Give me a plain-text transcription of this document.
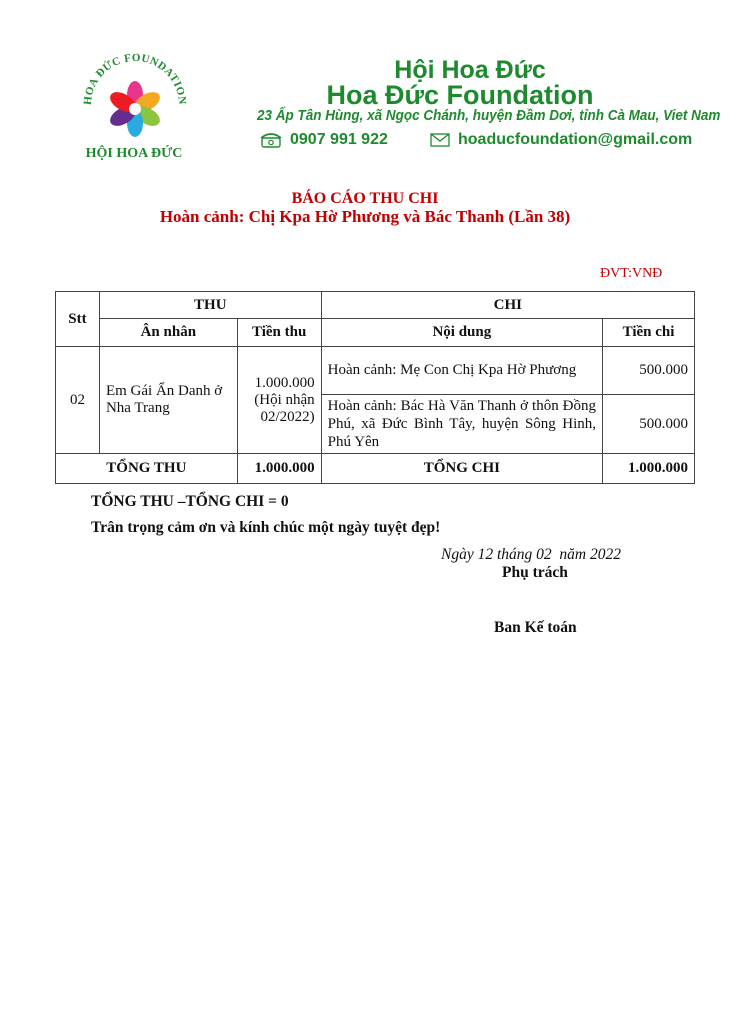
HOA ĐỨC FOUNDATION
HỘI HOA ĐỨC
Hội Hoa Đức
Hoa Đức Foundation
23 Ấp Tân Hùng, xã Ngọc Chánh, huyện Đầm Dơi, tỉnh Cà Mau, Viet Nam
0907 991 922	hoaducfoundation@gmail.com
BÁO CÁO THU CHI
Hoàn cảnh: Chị Kpa Hờ Phương và Bác Thanh (Lần 38)
ĐVT:VNĐ
Stt	THU		CHI	
	Ân nhân	Tiền thu	Nội dung	Tiền chi
02	Em Gái Ẩn Danh ở Nha Trang	1.000.000 (Hội nhận 02/2022)	Hoàn cảnh: Mẹ Con Chị Kpa Hờ Phương	500.000
			Hoàn cảnh: Bác Hà Văn Thanh ở thôn Đồng Phú, xã Đức Bình Tây, huyện Sông Hinh, Phú Yên	500.000
TỔNG THU		1.000.000	TỔNG CHI	1.000.000
TỔNG THU –TỔNG CHI = 0
Trân trọng cảm ơn và kính chúc một ngày tuyệt đẹp!
Ngày 12 tháng 02  năm 2022
Phụ trách
Ban Kế toán
